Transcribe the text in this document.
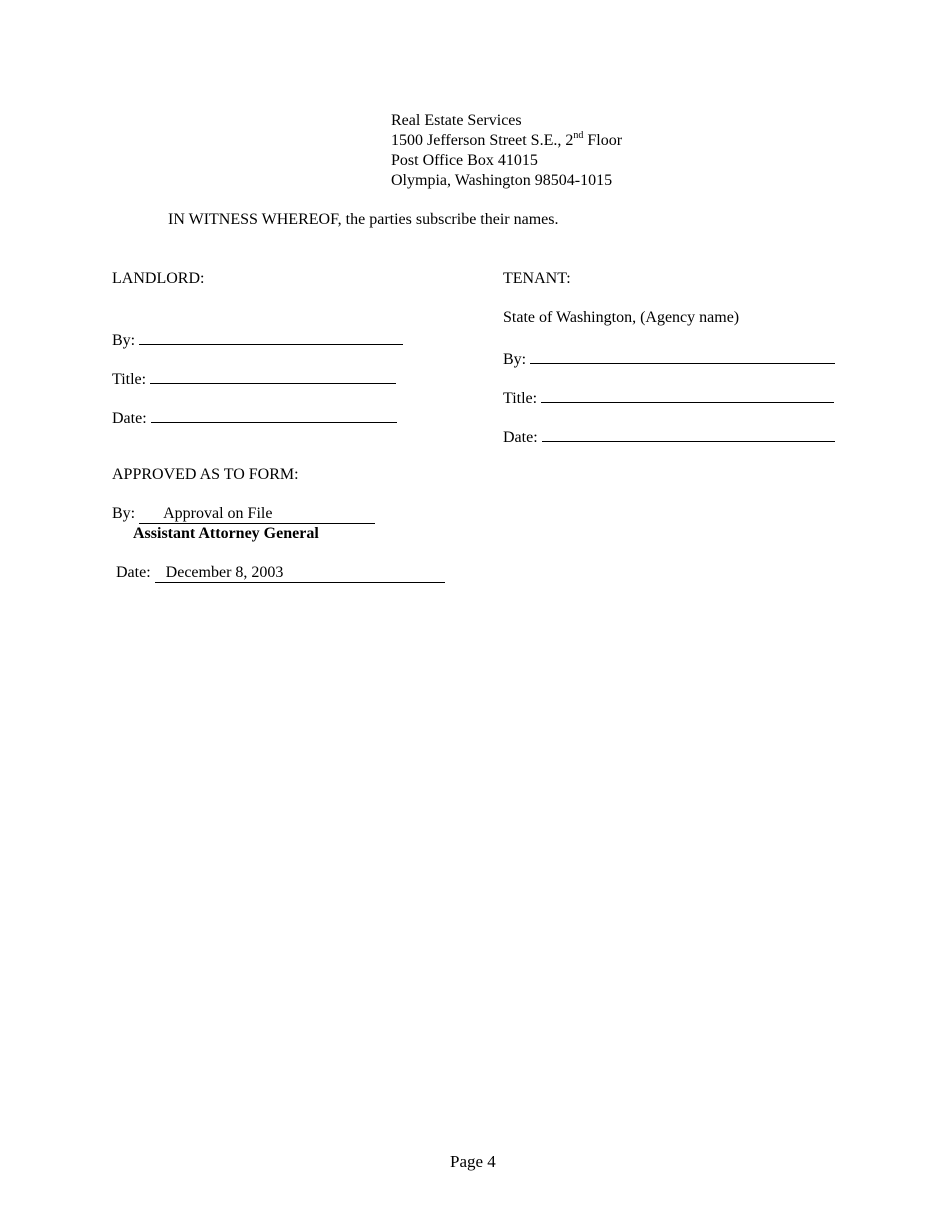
Real Estate Services
1500 Jefferson Street S.E., 2nd Floor
Post Office Box 41015
Olympia, Washington 98504-1015
IN WITNESS WHEREOF, the parties subscribe their names.
LANDLORD:
By:
Title:
Date:
TENANT:
State of Washington, (Agency name)
By:
Title:
Date:
APPROVED AS TO FORM:
By: Approval on File
Assistant Attorney General
Date: December 8, 2003
Page 4
